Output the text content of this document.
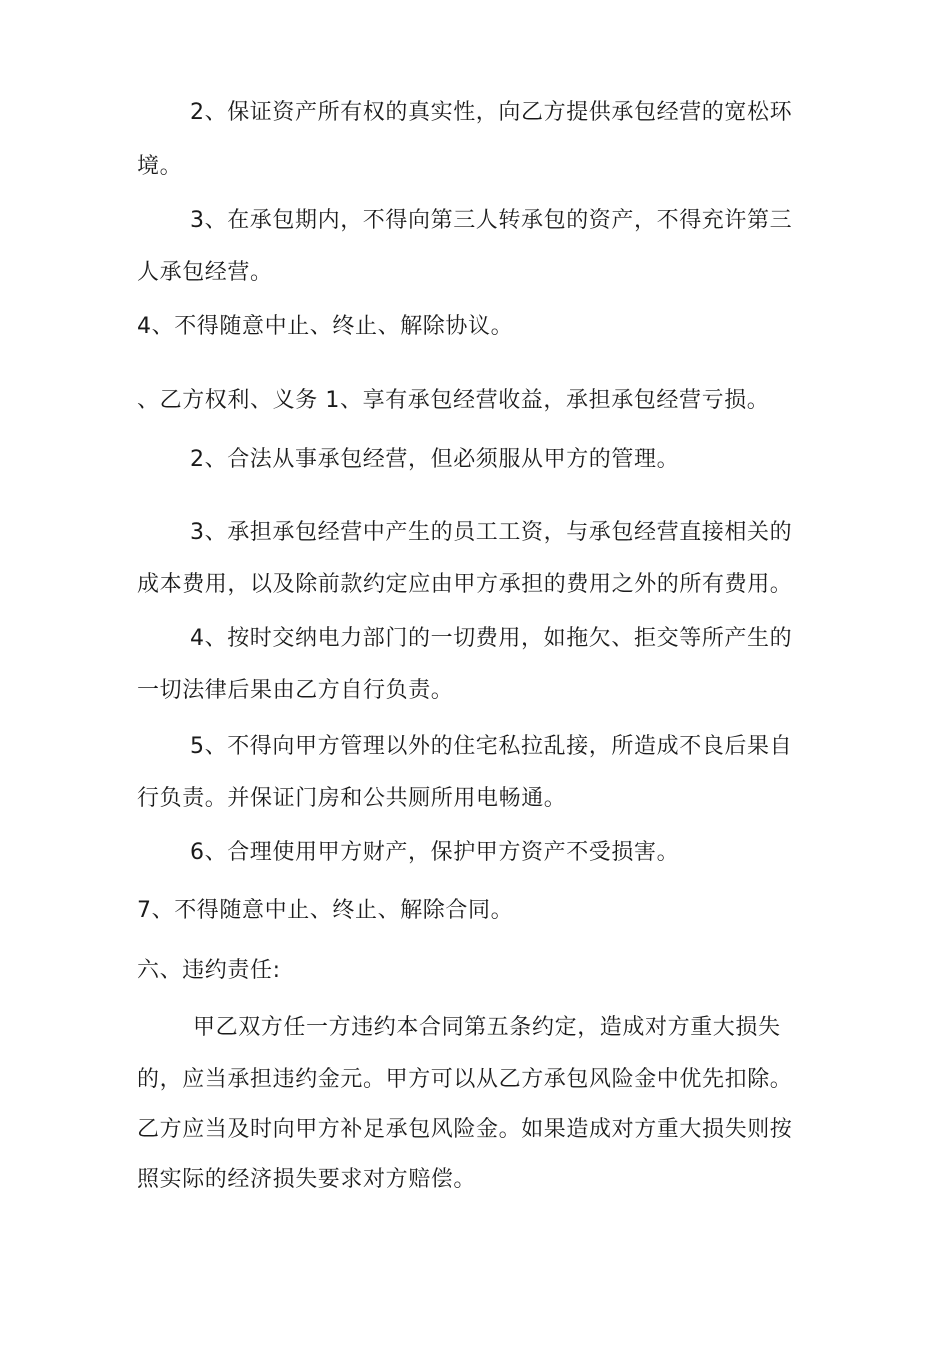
2、保证资产所有权的真实性，向乙方提供承包经营的宽松环
境。
3、在承包期内，不得向第三人转承包的资产，不得充许第三
人承包经营。
4、不得随意中止、终止、解除协议。
、乙方权利、义务 1、享有承包经营收益，承担承包经营亏损。
2、合法从事承包经营，但必须服从甲方的管理。
3、承担承包经营中产生的员工工资，与承包经营直接相关的
成本费用，以及除前款约定应由甲方承担的费用之外的所有费用。
4、按时交纳电力部门的一切费用，如拖欠、拒交等所产生的
一切法律后果由乙方自行负责。
5、不得向甲方管理以外的住宅私拉乱接，所造成不良后果自
行负责。并保证门房和公共厕所用电畅通。
6、合理使用甲方财产，保护甲方资产不受损害。
7、不得随意中止、终止、解除合同。
六、违约责任:
甲乙双方任一方违约本合同第五条约定，造成对方重大损失
的，应当承担违约金元。甲方可以从乙方承包风险金中优先扣除。
乙方应当及时向甲方补足承包风险金。如果造成对方重大损失则按
照实际的经济损失要求对方赔偿。
